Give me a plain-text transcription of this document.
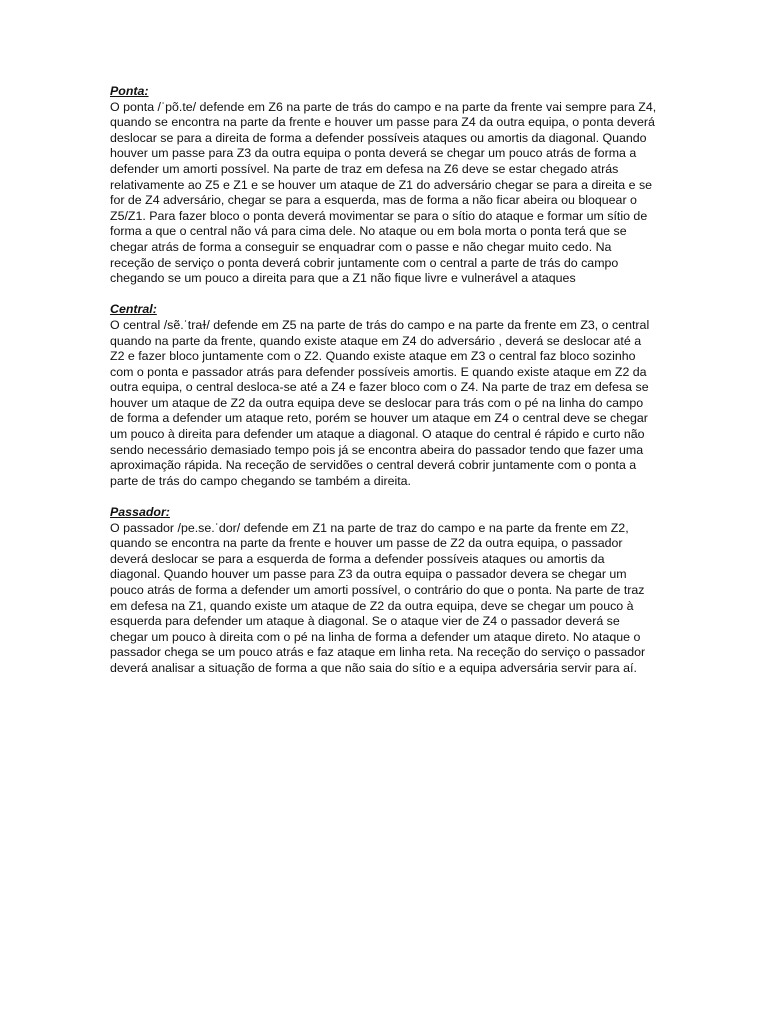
Ponta:

O ponta /ˈpõ.te/ defende em Z6 na parte de trás do campo e na parte da frente vai sempre para Z4, quando se encontra na parte da frente e houver um passe para Z4 da outra equipa, o ponta deverá deslocar se para a direita de forma a defender possíveis ataques ou amortis da diagonal. Quando houver um passe para Z3 da outra equipa o ponta deverá se chegar um pouco atrás de forma a defender um amorti possível. Na parte de traz em defesa na Z6 deve se estar chegado atrás relativamente ao Z5 e Z1 e se houver um ataque de Z1 do adversário chegar se para a direita e se for de Z4 adversário, chegar se para a esquerda, mas de forma a não ficar abeira ou bloquear o Z5/Z1. Para fazer bloco o ponta deverá movimentar se para o sítio do ataque e formar um sítio de forma a que o central não vá para cima dele. No ataque ou em bola morta o ponta terá que se chegar atrás de forma a conseguir se enquadrar com o passe e não chegar muito cedo. Na receção de serviço o ponta deverá cobrir juntamente com o central a parte de trás do campo chegando se um pouco a direita para que a Z1 não fique livre e vulnerável a ataques

Central:

O central /sẽ.ˈtraɫ/ defende em Z5 na parte de trás do campo e na parte da frente em Z3, o central quando na parte da frente, quando existe ataque em Z4 do adversário , deverá se deslocar até a Z2 e fazer bloco juntamente com o Z2. Quando existe ataque em Z3 o central faz bloco sozinho com o ponta e passador atrás para defender possíveis amortis. E quando existe ataque em Z2 da outra equipa, o central desloca-se até a Z4 e fazer bloco com o Z4. Na parte de traz em defesa se houver um ataque de Z2 da outra equipa deve se deslocar para trás com o pé na linha do campo de forma a defender um ataque reto, porém se houver um ataque em Z4 o central deve se chegar um pouco à direita para defender um ataque a diagonal. O ataque do central é rápido e curto não sendo necessário demasiado tempo pois já se encontra abeira do passador tendo que fazer uma aproximação rápida. Na receção de servidões o central deverá cobrir juntamente com o ponta a parte de trás do campo chegando se também a direita.

Passador:

O passador /pe.se.ˈdor/ defende em Z1 na parte de traz do campo e na parte da frente em Z2, quando se encontra na parte da frente e houver um passe de Z2 da outra equipa, o passador deverá deslocar se para a esquerda de forma a defender possíveis ataques ou amortis da diagonal. Quando houver um passe para Z3 da outra equipa o passador devera se chegar um pouco atrás de forma a defender um amorti possível, o contrário do que o ponta. Na parte de traz em defesa na Z1, quando existe um ataque de Z2 da outra equipa, deve se chegar um pouco à esquerda para defender um ataque à diagonal. Se o ataque vier de Z4 o passador deverá se chegar um pouco à direita com o pé na linha de forma a defender um ataque direto. No ataque o passador chega se um pouco atrás e faz ataque em linha reta. Na receção do serviço o passador deverá analisar a situação de forma a que não saia do sítio e a equipa adversária servir para aí.
